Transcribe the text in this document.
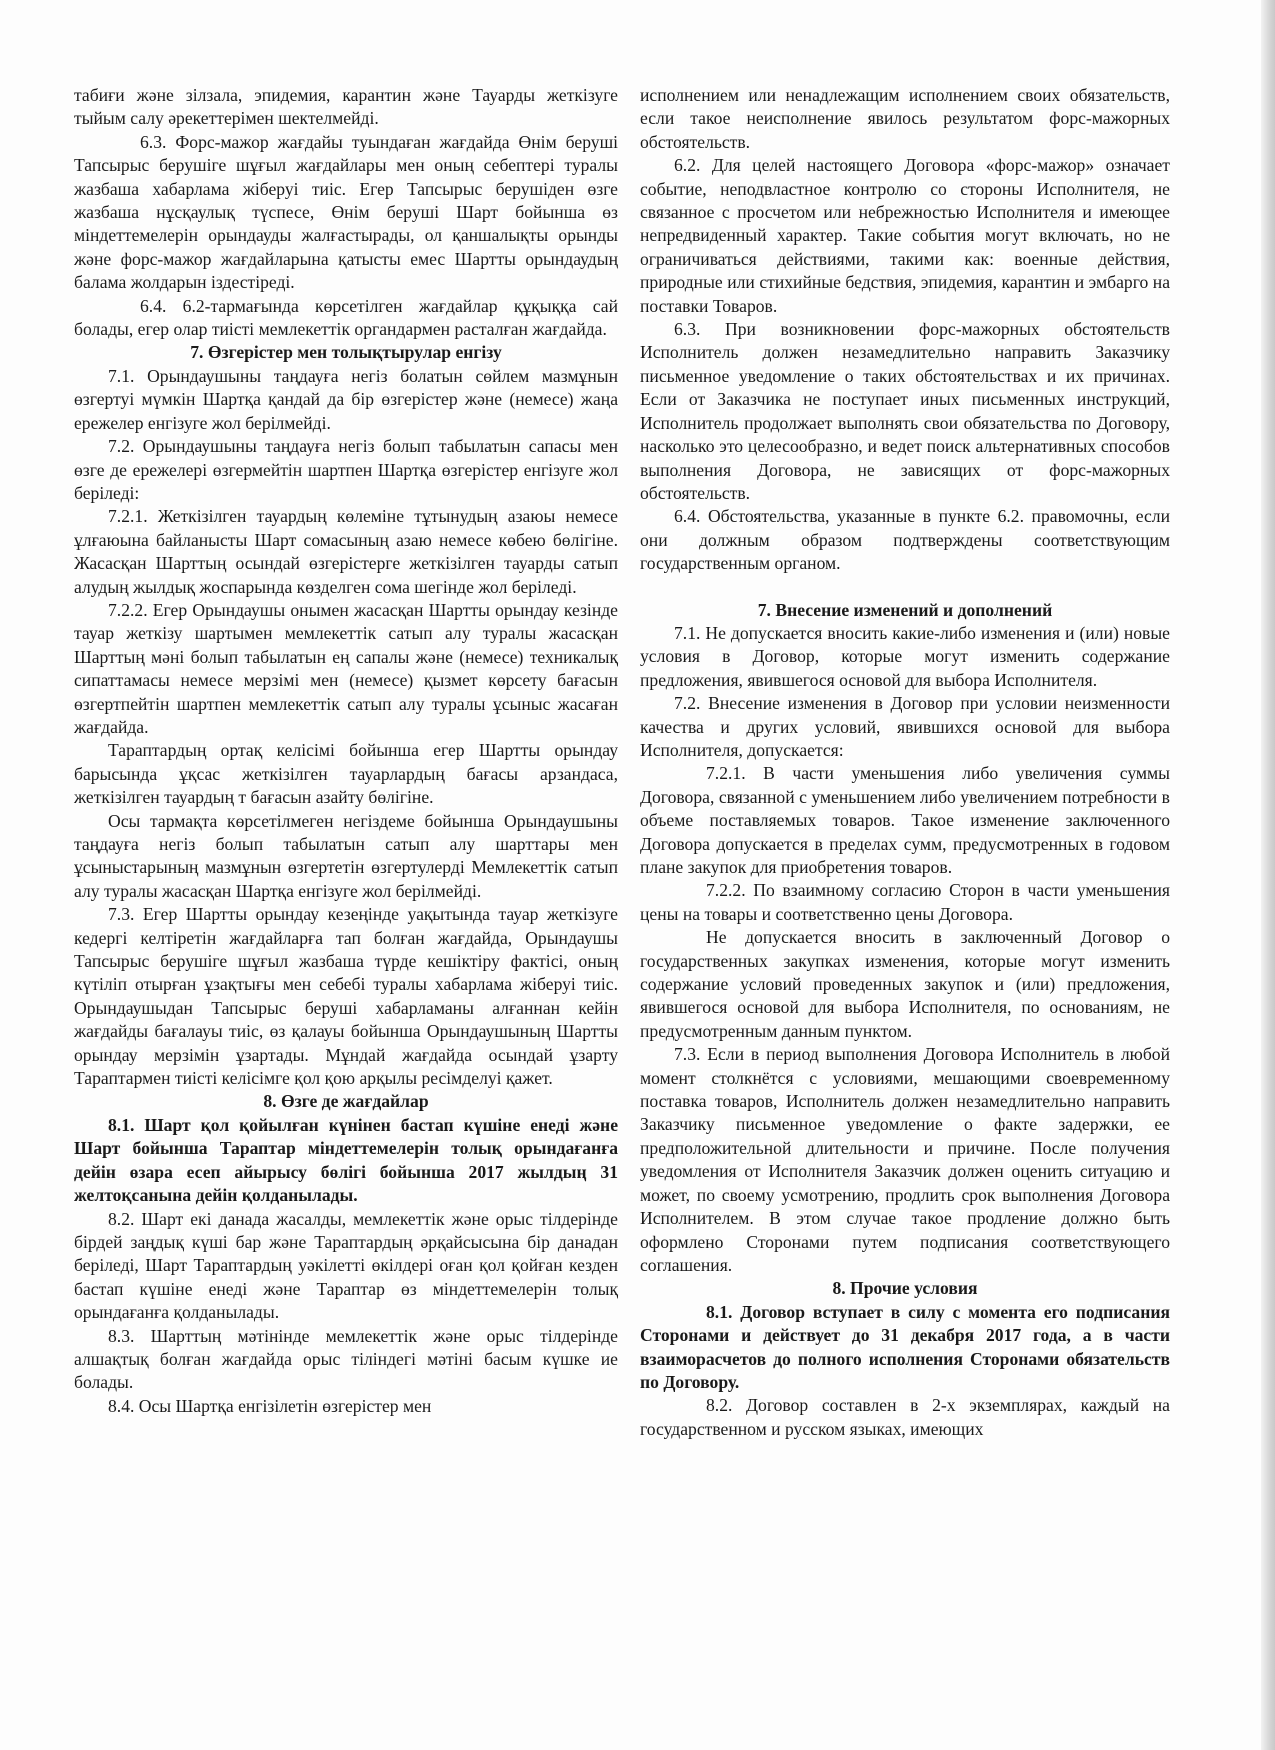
табиғи және зілзала, эпидемия, карантин және Тауарды жеткізуге тыйым салу әрекеттерімен шектелмейді.

6.3. Форс-мажор жағдайы туындаған жағдайда Өнім беруші Тапсырыс берушіге шұғыл жағдайлары мен оның себептері туралы жазбаша хабарлама жіберуі тиіс. Егер Тапсырыс берушіден өзге жазбаша нұсқаулық түспесе, Өнім беруші Шарт бойынша өз міндеттемелерін орындауды жалғастырады, ол қаншалықты орынды және форс-мажор жағдайларына қатысты емес Шартты орындаудың балама жолдарын іздестіреді.

6.4. 6.2-тармағында көрсетілген жағдайлар құқыққа сай болады, егер олар тиісті мемлекеттік органдармен расталған жағдайда.

7. Өзгерістер мен толықтырулар енгізу

7.1. Орындаушыны таңдауға негіз болатын сөйлем мазмұнын өзгертуі мүмкін Шартқа қандай да бір өзгерістер және (немесе) жаңа ережелер енгізуге жол берілмейді.

7.2. Орындаушыны таңдауға негіз болып табылатын сапасы мен өзге де ережелері өзгермейтін шартпен Шартқа өзгерістер енгізуге жол беріледі:

7.2.1. Жеткізілген тауардың көлеміне тұтынудың азаюы немесе ұлғаюына байланысты Шарт сомасының азаю немесе көбею бөлігіне. Жасасқан Шарттың осындай өзгерістерге жеткізілген тауарды сатып алудың жылдық жоспарында көзделген сома шегінде жол беріледі.

7.2.2. Егер Орындаушы онымен жасасқан Шартты орындау кезінде тауар жеткізу шартымен мемлекеттік сатып алу туралы жасасқан Шарттың мәні болып табылатын ең сапалы және (немесе) техникалық сипаттамасы немесе мерзімі мен (немесе) қызмет көрсету бағасын өзгертпейтін шартпен мемлекеттік сатып алу туралы ұсыныс жасаған жағдайда.

Тараптардың ортақ келісімі бойынша егер Шартты орындау барысында ұқсас жеткізілген тауарлардың бағасы арзандаса, жеткізілген тауардың т бағасын азайту бөлігіне.

Осы тармақта көрсетілмеген негіздеме бойынша Орындаушыны таңдауға негіз болып табылатын сатып алу шарттары мен ұсыныстарының мазмұнын өзгертетін өзгертулерді Мемлекеттік сатып алу туралы жасасқан Шартқа енгізуге жол берілмейді.

7.3. Егер Шартты орындау кезеңінде уақытында тауар жеткізуге кедергі келтіретін жағдайларға тап болған жағдайда, Орындаушы Тапсырыс берушіге шұғыл жазбаша түрде кешіктіру фактісі, оның күтіліп отырған ұзақтығы мен себебі туралы хабарлама жіберуі тиіс. Орындаушыдан Тапсырыс беруші хабарламаны алғаннан кейін жағдайды бағалауы тиіс, өз қалауы бойынша Орындаушының Шартты орындау мерзімін ұзартады. Мұндай жағдайда осындай ұзарту Тараптармен тиісті келісімге қол қою арқылы ресімделуі қажет.

8. Өзге де жағдайлар

8.1. Шарт қол қойылған күнінен бастап күшіне енеді және Шарт бойынша Тараптар міндеттемелерін толық орындағанға дейін өзара есеп айырысу бөлігі бойынша 2017 жылдың 31 желтоқсанына дейін қолданылады.

8.2. Шарт екі данада жасалды, мемлекеттік және орыс тілдерінде бірдей заңдық күші бар және Тараптардың әрқайсысына бір данадан беріледі, Шарт Тараптардың уәкілетті өкілдері оған қол қойған кезден бастап күшіне енеді және Тараптар өз міндеттемелерін толық орындағанға қолданылады.

8.3. Шарттың мәтінінде мемлекеттік және орыс тілдерінде алшақтық болған жағдайда орыс тіліндегі мәтіні басым күшке ие болады.

8.4. Осы Шартқа енгізілетін өзгерістер мен

исполнением или ненадлежащим исполнением своих обязательств, если такое неисполнение явилось результатом форс-мажорных обстоятельств.

6.2. Для целей настоящего Договора «форс-мажор» означает событие, неподвластное контролю со стороны Исполнителя, не связанное с просчетом или небрежностью Исполнителя и имеющее непредвиденный характер. Такие события могут включать, но не ограничиваться действиями, такими как: военные действия, природные или стихийные бедствия, эпидемия, карантин и эмбарго на поставки Товаров.

6.3. При возникновении форс-мажорных обстоятельств Исполнитель должен незамедлительно направить Заказчику письменное уведомление о таких обстоятельствах и их причинах. Если от Заказчика не поступает иных письменных инструкций, Исполнитель продолжает выполнять свои обязательства по Договору, насколько это целесообразно, и ведет поиск альтернативных способов выполнения Договора, не зависящих от форс-мажорных обстоятельств.

6.4. Обстоятельства, указанные в пункте 6.2. правомочны, если они должным образом подтверждены соответствующим государственным органом.

7. Внесение изменений и дополнений

7.1. Не допускается вносить какие-либо изменения и (или) новые условия в Договор, которые могут изменить содержание предложения, явившегося основой для выбора Исполнителя.

7.2. Внесение изменения в Договор при условии неизменности качества и других условий, явившихся основой для выбора Исполнителя, допускается:

7.2.1. В части уменьшения либо увеличения суммы Договора, связанной с уменьшением либо увеличением потребности в объеме поставляемых товаров. Такое изменение заключенного Договора допускается в пределах сумм, предусмотренных в годовом плане закупок для приобретения товаров.

7.2.2. По взаимному согласию Сторон в части уменьшения цены на товары и соответственно цены Договора.

Не допускается вносить в заключенный Договор о государственных закупках изменения, которые могут изменить содержание условий проведенных закупок и (или) предложения, явившегося основой для выбора Исполнителя, по основаниям, не предусмотренным данным пунктом.

7.3. Если в период выполнения Договора Исполнитель в любой момент столкнётся с условиями, мешающими своевременному поставка товаров, Исполнитель должен незамедлительно направить Заказчику письменное уведомление о факте задержки, ее предположительной длительности и причине. После получения уведомления от Исполнителя Заказчик должен оценить ситуацию и может, по своему усмотрению, продлить срок выполнения Договора Исполнителем. В этом случае такое продление должно быть оформлено Сторонами путем подписания соответствующего соглашения.

8. Прочие условия

8.1. Договор вступает в силу с момента его подписания Сторонами и действует до 31 декабря 2017 года, а в части взаиморасчетов до полного исполнения Сторонами обязательств по Договору.

8.2. Договор составлен в 2-х экземплярах, каждый на государственном и русском языках, имеющих
